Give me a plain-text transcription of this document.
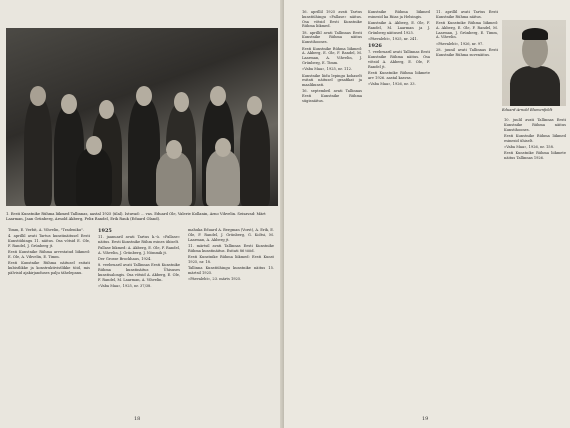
1. Eesti Kunstnike Rühma liikmed Tallinnas, aastal 1925 (ülal). Istuvad: ... vas. Eduard Ole, Valerie Kollanin, Arno Vihvelin. Seisavad: Märt Laarman, Jaan Grünberg, Arnold Akberg, Felix Randel, Erik Rauk (Eduard Oland).

Timm, E. Verbit, A. Vihvelin, "Tradeniku".

4. aprillil avati Tartus kunstinäitusel Eesti Kunstiühingu 11. näitus. Osa võtsid E. Ole, F. Randel, J. Grünberg jt.

Eesti Kunstnike Rühma arvestatud liikmed: E. Ole, A. Vihvelin, E. Timm.

Eesti Kunstnike Rühma näitusel esitati kubistlikke ja konstruktivistlikke töid, mis pälvisid ajakirjanduses palju tähelepanu.

1925

11. jaanuaril avati Tartus k.-ü. «Pallase» näitus. Eesti Kunstnike Rühm esines ühiselt.

Pallase liikmed: A. Akberg, E. Ole, F. Randel, A. Vihvelin, J. Grünberg, J. Nõmmik jt.

Der Grosse Brockhaus, 1924.

8. veebruaril avati Tallinnas Eesti Kunstnike Rühma kunstinäitus Ühisuses kunstisalongis. Osa võtsid A. Akberg, E. Ole, F. Randel, M. Laarman, A. Vihvelin.

«Vaba Maa», 1925, nr. 37/38.

mahuka Eduard A. Bergman (Vorst), A. Erik, E. Ole, F. Randel, J. Grünberg, G. Koltsi, M. Laarman, A. Akberg jt.

11. märtsil avati Tallinnas Eesti Kunstnike Rühma kunstinäitus. Esitati 86 tööd.

Eesti Kunstnike Rühma liikmed: Eesti Kunst 1925, nr. 18.

Tallinna Kunstiühingu kunstnike näitus 15. märtsil 1925.

«Päevaleht», 23. märts 1925.

18

16. aprillil 1925 avati Tartus kunstiühingu «Pallase» näitus. Osa võtsid Eesti Kunstnike Rühma liikmed.

18. aprillil avati Tallinnas Eesti Kunstnike Rühma näitus Kunstihoones.

Eesti Kunstnike Rühma liikmed: A. Akberg, E. Ole, F. Randel, M. Laarman, A. Vihvelin, J. Grünberg, E. Timm.

«Vaba Maa», 1925, nr. 112.

Kunstnike liidu lepingu kohaselt esitati näitusel graafikat ja maalikunsti.

16. septembril avati Tallinnas Eesti Kunstnike Rühma sügisnäitus.

Kunstnike Rühma liikmed esinesid ka Riias ja Helsingis.

Kunstnike A. Akberg, E. Ole, F. Randel, M. Laarman ja J. Grünberg näitused 1925.

«Päevaleht», 1925, nr. 241.

1926

7. veebruaril avati Tallinnas Eesti Kunstnike Rühma näitus. Osa võtsid A. Akberg, E. Ole, F. Randel jt.

Eesti Kunstnike Rühma liikmete arv 1926. aastal kasvas.

«Vaba Maa», 1926, nr. 33.

11. aprillil avati Tartus Eesti Kunstnike Rühma näitus.

Eesti Kunstnike Rühma liikmed: A. Akberg, E. Ole, F. Randel, M. Laarman, J. Grünberg, E. Timm, A. Vihvelin.

«Päevaleht», 1926, nr. 97.

28. juunil avati Tallinnas Eesti Kunstnike Rühma suvenäitus.

Eduard-Arnold Blumenfeldt

10. juulil avati Tallinnas Eesti Kunstnike Rühma näitus Kunstihoones.

Eesti Kunstnike Rühma liikmed esinesid ühiselt.

«Vaba Maa», 1926, nr. 158.

Eesti Kunstnike Rühma liikmete näitus Tallinnas 1926.

19
